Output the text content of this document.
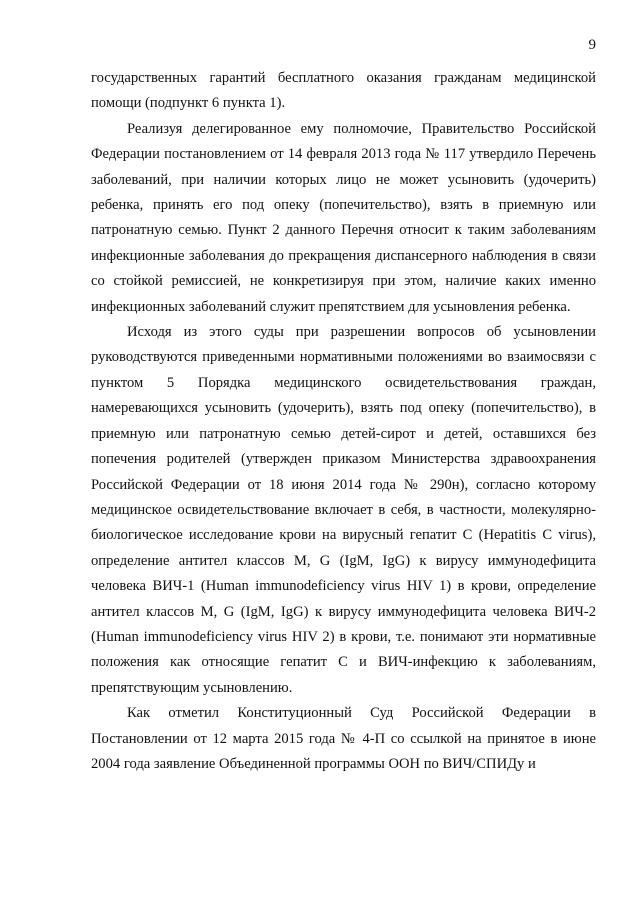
9

государственных гарантий бесплатного оказания гражданам медицинской помощи (подпункт 6 пункта 1).

Реализуя делегированное ему полномочие, Правительство Российской Федерации постановлением от 14 февраля 2013 года № 117 утвердило Перечень заболеваний, при наличии которых лицо не может усыновить (удочерить) ребенка, принять его под опеку (попечительство), взять в приемную или патронатную семью. Пункт 2 данного Перечня относит к таким заболеваниям инфекционные заболевания до прекращения диспансерного наблюдения в связи со стойкой ремиссией, не конкретизируя при этом, наличие каких именно инфекционных заболеваний служит препятствием для усыновления ребенка.

Исходя из этого суды при разрешении вопросов об усыновлении руководствуются приведенными нормативными положениями во взаимосвязи с пунктом 5 Порядка медицинского освидетельствования граждан, намеревающихся усыновить (удочерить), взять под опеку (попечительство), в приемную или патронатную семью детей-сирот и детей, оставшихся без попечения родителей (утвержден приказом Министерства здравоохранения Российской Федерации от 18 июня 2014 года № 290н), согласно которому медицинское освидетельствование включает в себя, в частности, молекулярно-биологическое исследование крови на вирусный гепатит С (Hepatitis C virus), определение антител классов M, G (IgM, IgG) к вирусу иммунодефицита человека ВИЧ-1 (Human immunodeficiency virus HIV 1) в крови, определение антител классов M, G (IgM, IgG) к вирусу иммунодефицита человека ВИЧ-2 (Human immunodeficiency virus HIV 2) в крови, т.е. понимают эти нормативные положения как относящие гепатит С и ВИЧ-инфекцию к заболеваниям, препятствующим усыновлению.

Как отметил Конституционный Суд Российской Федерации в Постановлении от 12 марта 2015 года № 4-П со ссылкой на принятое в июне 2004 года заявление Объединенной программы ООН по ВИЧ/СПИДу и
